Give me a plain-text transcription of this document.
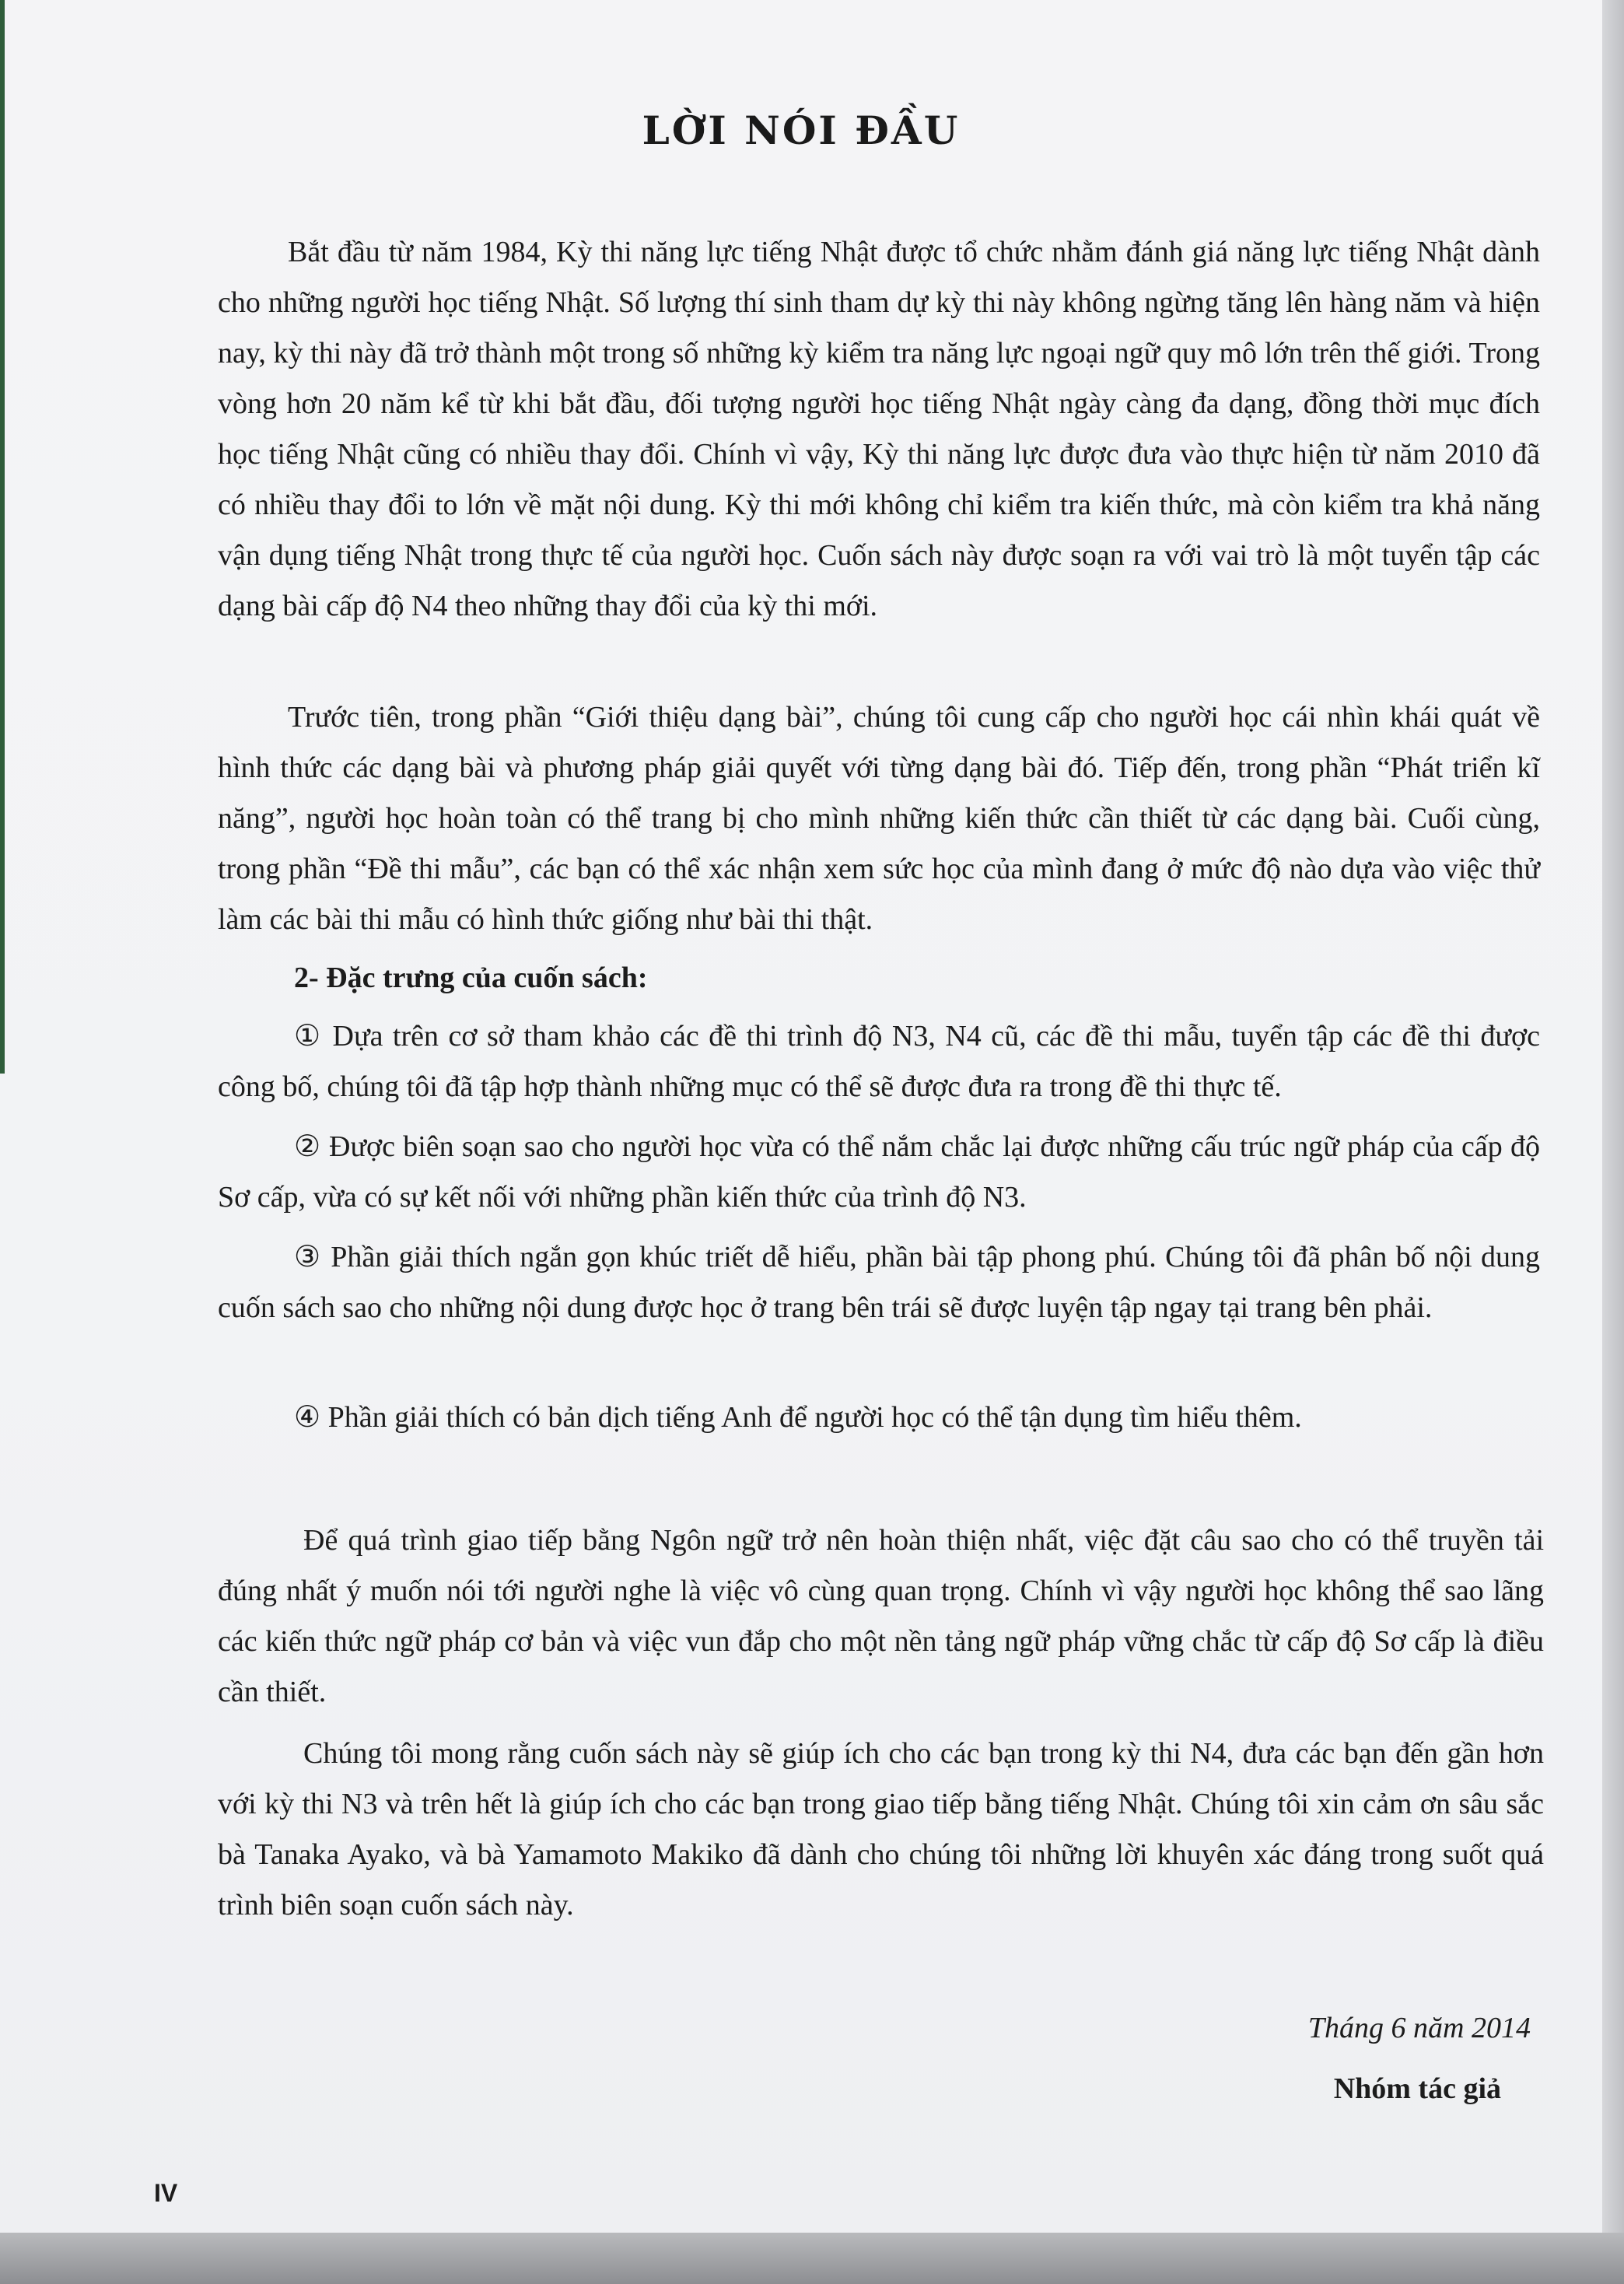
LỜI NÓI ĐẦU

Bắt đầu từ năm 1984, Kỳ thi năng lực tiếng Nhật được tổ chức nhằm đánh giá năng lực tiếng Nhật dành cho những người học tiếng Nhật. Số lượng thí sinh tham dự kỳ thi này không ngừng tăng lên hàng năm và hiện nay, kỳ thi này đã trở thành một trong số những kỳ kiểm tra năng lực ngoại ngữ quy mô lớn trên thế giới. Trong vòng hơn 20 năm kể từ khi bắt đầu, đối tượng người học tiếng Nhật ngày càng đa dạng, đồng thời mục đích học tiếng Nhật cũng có nhiều thay đổi. Chính vì vậy, Kỳ thi năng lực được đưa vào thực hiện từ năm 2010 đã có nhiều thay đổi to lớn về mặt nội dung. Kỳ thi mới không chỉ kiểm tra kiến thức, mà còn kiểm tra khả năng vận dụng tiếng Nhật trong thực tế của người học. Cuốn sách này được soạn ra với vai trò là một tuyển tập các dạng bài cấp độ N4 theo những thay đổi của kỳ thi mới.

Trước tiên, trong phần “Giới thiệu dạng bài”, chúng tôi cung cấp cho người học cái nhìn khái quát về hình thức các dạng bài và phương pháp giải quyết với từng dạng bài đó. Tiếp đến, trong phần “Phát triển kĩ năng”, người học hoàn toàn có thể trang bị cho mình những kiến thức cần thiết từ các dạng bài. Cuối cùng, trong phần “Đề thi mẫu”, các bạn có thể xác nhận xem sức học của mình đang ở mức độ nào dựa vào việc thử làm các bài thi mẫu có hình thức giống như bài thi thật.

2- Đặc trưng của cuốn sách:

① Dựa trên cơ sở tham khảo các đề thi trình độ N3, N4 cũ, các đề thi mẫu, tuyển tập các đề thi được công bố, chúng tôi đã tập hợp thành những mục có thể sẽ được đưa ra trong đề thi thực tế.

② Được biên soạn sao cho người học vừa có thể nắm chắc lại được những cấu trúc ngữ pháp của cấp độ Sơ cấp, vừa có sự kết nối với những phần kiến thức của trình độ N3.

③ Phần giải thích ngắn gọn khúc triết dễ hiểu, phần bài tập phong phú. Chúng tôi đã phân bố nội dung cuốn sách sao cho những nội dung được học ở trang bên trái sẽ được luyện tập ngay tại trang bên phải.

④ Phần giải thích có bản dịch tiếng Anh để người học có thể tận dụng tìm hiểu thêm.

Để quá trình giao tiếp bằng Ngôn ngữ trở nên hoàn thiện nhất, việc đặt câu sao cho có thể truyền tải đúng nhất ý muốn nói tới người nghe là việc vô cùng quan trọng. Chính vì vậy người học không thể sao lãng các kiến thức ngữ pháp cơ bản và việc vun đắp cho một nền tảng ngữ pháp vững chắc từ cấp độ Sơ cấp là điều cần thiết.

Chúng tôi mong rằng cuốn sách này sẽ giúp ích cho các bạn trong kỳ thi N4, đưa các bạn đến gần hơn với kỳ thi N3 và trên hết là giúp ích cho các bạn trong giao tiếp bằng tiếng Nhật. Chúng tôi xin cảm ơn sâu sắc bà Tanaka Ayako, và bà Yamamoto Makiko đã dành cho chúng tôi những lời khuyên xác đáng trong suốt quá trình biên soạn cuốn sách này.

Tháng 6 năm 2014

Nhóm tác giả

IV
